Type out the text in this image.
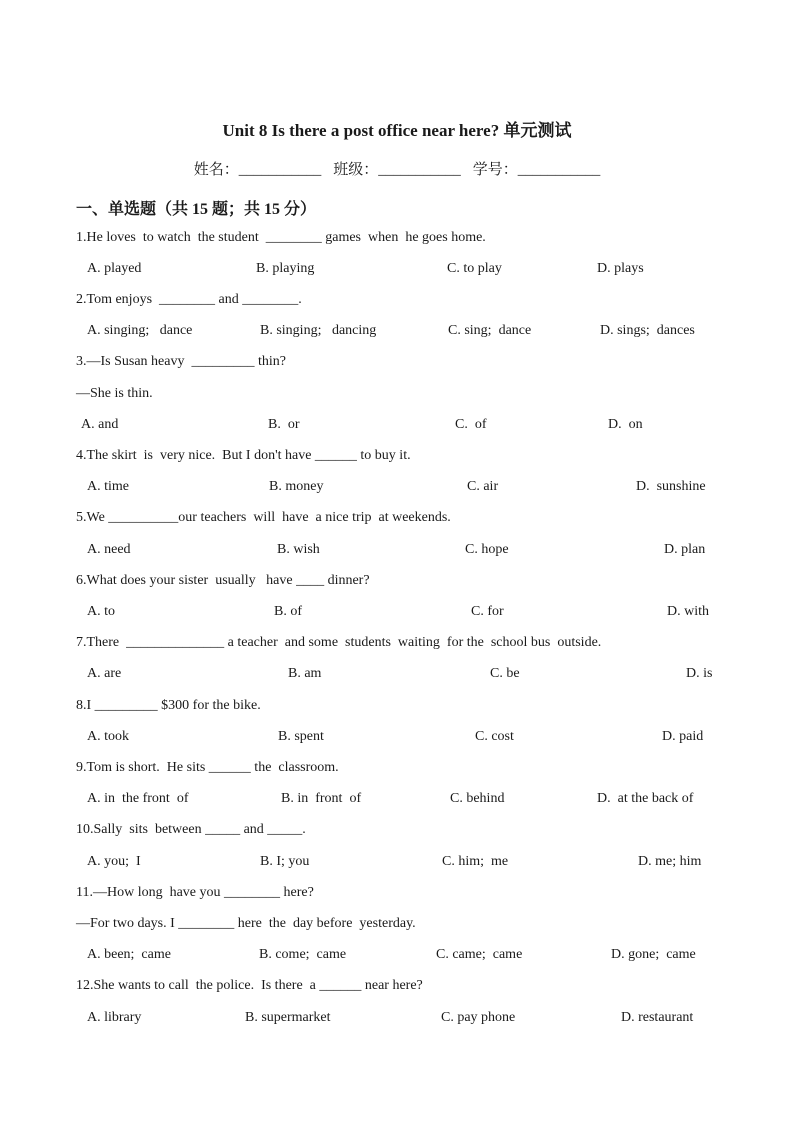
Unit 8 Is there a post office near here? 单元测试
姓名：___________ 班级：___________ 学号：___________
一、单选题（共 15 题；共 15 分）
1.He loves  to watch  the student  ________ games  when  he goes home.
A. played	B. playing	C. to play	D. plays
2.Tom enjoys  ________ and ________.
A. singing;   dance	B. singing;   dancing	C. sing;  dance	D. sings;  dances
3.—Is Susan heavy  _________ thin?
—She is thin.
A. and	B.  or	C.  of	D.  on
4.The skirt  is  very nice.  But I don't have ______ to buy it.
A. time	B. money	C. air	D.  sunshine
5.We __________our teachers  will  have  a nice trip  at weekends.
A. need	B. wish	C. hope	D. plan
6.What does your sister  usually   have ____ dinner?
A. to	B. of	C. for	D. with
7.There  ______________ a teacher  and some  students  waiting  for the  school bus  outside.
A. are	B. am	C. be	D. is
8.I _________ $300 for the bike.
A. took	B. spent	C. cost	D. paid
9.Tom is short.  He sits ______ the  classroom.
A. in  the front  of	B. in  front  of	C. behind	D.  at the back of
10.Sally  sits  between _____ and _____.
A. you;  I	B. I; you	C. him;  me	D. me; him
11.—How long  have you ________ here?
—For two days. I ________ here  the  day before  yesterday.
A. been;  came	B. come;  came	C. came;  came	D. gone;  came
12.She wants to call  the police.  Is there  a ______ near here?
A. library	B. supermarket	C. pay phone	D. restaurant
